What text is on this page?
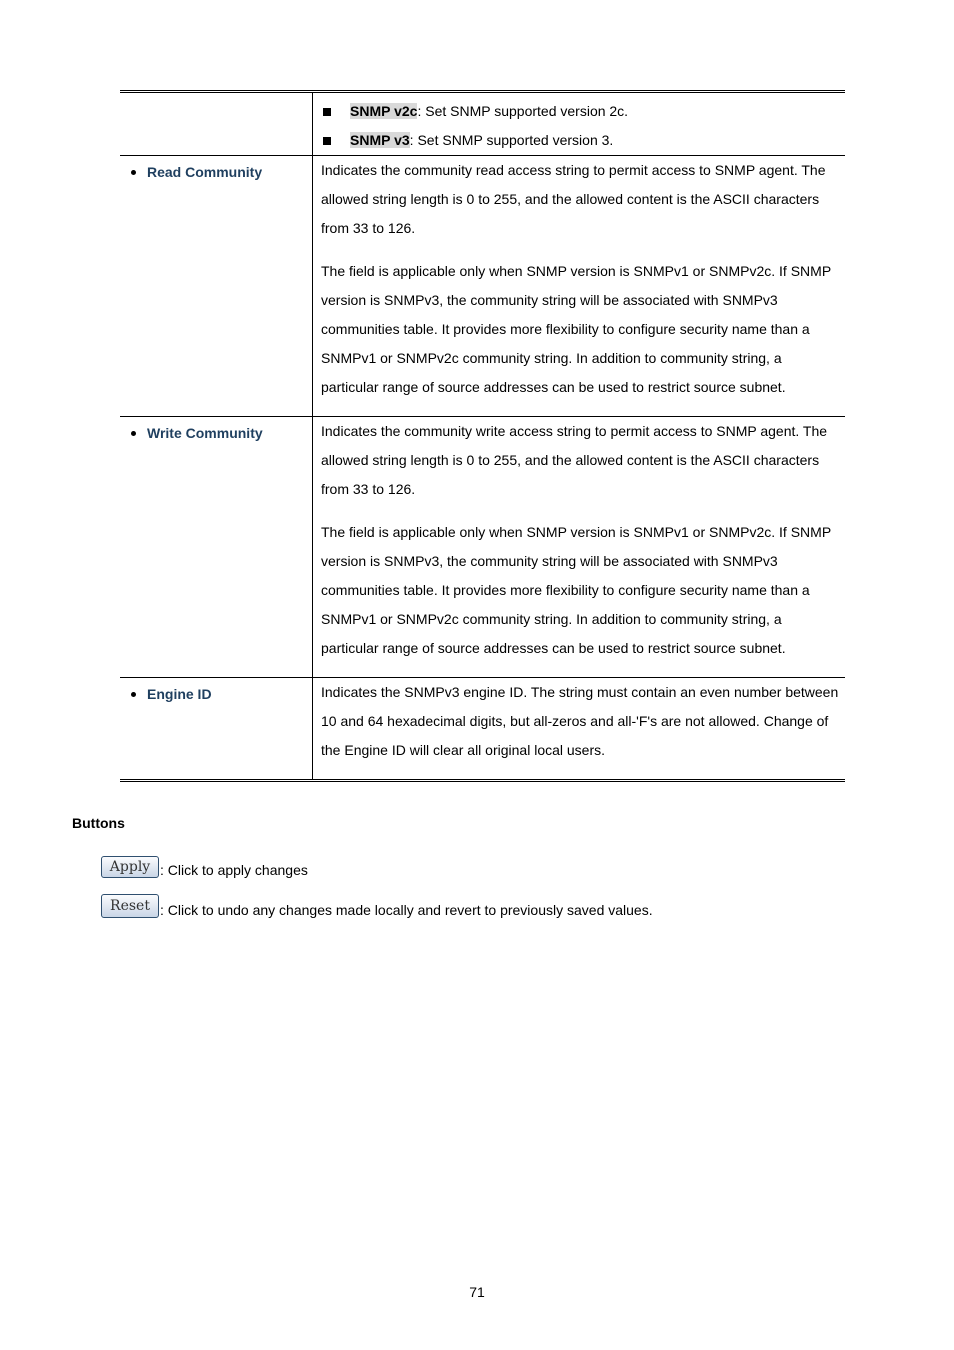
SNMP v2c: Set SNMP supported version 2c.
SNMP v3: Set SNMP supported version 3.
Read Community	Indicates the community read access string to permit access to SNMP agent. The allowed string length is 0 to 255, and the allowed content is the ASCII characters from 33 to 126.

The field is applicable only when SNMP version is SNMPv1 or SNMPv2c. If SNMP version is SNMPv3, the community string will be associated with SNMPv3 communities table. It provides more flexibility to configure security name than a SNMPv1 or SNMPv2c community string. In addition to community string, a particular range of source addresses can be used to restrict source subnet.

Write Community	Indicates the community write access string to permit access to SNMP agent. The allowed string length is 0 to 255, and the allowed content is the ASCII characters from 33 to 126.

The field is applicable only when SNMP version is SNMPv1 or SNMPv2c. If SNMP version is SNMPv3, the community string will be associated with SNMPv3 communities table. It provides more flexibility to configure security name than a SNMPv1 or SNMPv2c community string. In addition to community string, a particular range of source addresses can be used to restrict source subnet.

Engine ID	Indicates the SNMPv3 engine ID. The string must contain an even number between 10 and 64 hexadecimal digits, but all-zeros and all-'F's are not allowed. Change of the Engine ID will clear all original local users.

Buttons
Apply : Click to apply changes
Reset : Click to undo any changes made locally and revert to previously saved values.
71
